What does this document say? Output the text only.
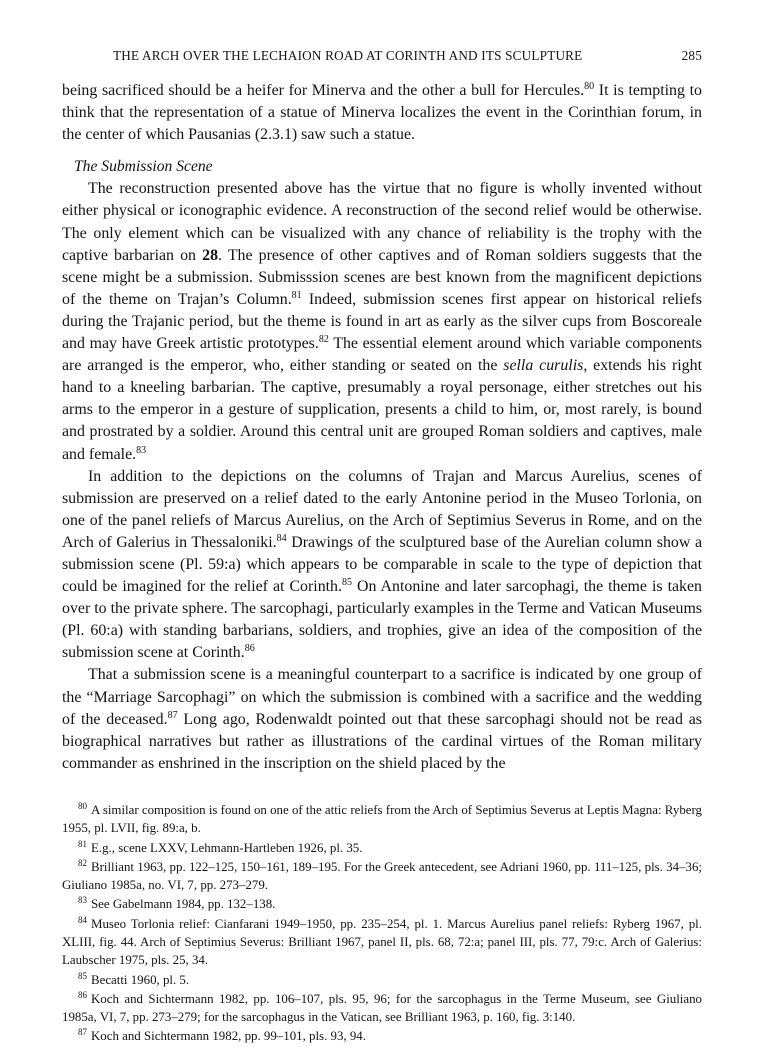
THE ARCH OVER THE LECHAION ROAD AT CORINTH AND ITS SCULPTURE	285

being sacrificed should be a heifer for Minerva and the other a bull for Hercules.$^{80}$ It is tempting to think that the representation of a statue of Minerva localizes the event in the Corinthian forum, in the center of which Pausanias (2.3.1) saw such a statue.

The Submission Scene

The reconstruction presented above has the virtue that no figure is wholly invented without either physical or iconographic evidence. A reconstruction of the second relief would be otherwise. The only element which can be visualized with any chance of reliability is the trophy with the captive barbarian on 28. The presence of other captives and of Roman soldiers suggests that the scene might be a submission. Submisssion scenes are best known from the magnificent depictions of the theme on Trajan’s Column.$^{81}$ Indeed, submission scenes first appear on historical reliefs during the Trajanic period, but the theme is found in art as early as the silver cups from Boscoreale and may have Greek artistic prototypes.$^{82}$ The essential element around which variable components are arranged is the emperor, who, either standing or seated on the sella curulis, extends his right hand to a kneeling barbarian. The captive, presumably a royal personage, either stretches out his arms to the emperor in a gesture of supplication, presents a child to him, or, most rarely, is bound and prostrated by a soldier. Around this central unit are grouped Roman soldiers and captives, male and female.$^{83}$

In addition to the depictions on the columns of Trajan and Marcus Aurelius, scenes of submission are preserved on a relief dated to the early Antonine period in the Museo Torlonia, on one of the panel reliefs of Marcus Aurelius, on the Arch of Septimius Severus in Rome, and on the Arch of Galerius in Thessaloniki.$^{84}$ Drawings of the sculptured base of the Aurelian column show a submission scene (Pl. 59:a) which appears to be comparable in scale to the type of depiction that could be imagined for the relief at Corinth.$^{85}$ On Antonine and later sarcophagi, the theme is taken over to the private sphere. The sarcophagi, particularly examples in the Terme and Vatican Museums (Pl. 60:a) with standing barbarians, soldiers, and trophies, give an idea of the composition of the submission scene at Corinth.$^{86}$

That a submission scene is a meaningful counterpart to a sacrifice is indicated by one group of the “Marriage Sarcophagi” on which the submission is combined with a sacrifice and the wedding of the deceased.$^{87}$ Long ago, Rodenwaldt pointed out that these sarcophagi should not be read as biographical narratives but rather as illustrations of the cardinal virtues of the Roman military commander as enshrined in the inscription on the shield placed by the

$^{80}$ A similar composition is found on one of the attic reliefs from the Arch of Septimius Severus at Leptis Magna: Ryberg 1955, pl. LVII, fig. 89:a, b.

$^{81}$ E.g., scene LXXV, Lehmann-Hartleben 1926, pl. 35.

$^{82}$ Brilliant 1963, pp. 122–125, 150–161, 189–195. For the Greek antecedent, see Adriani 1960, pp. 111–125, pls. 34–36; Giuliano 1985a, no. VI, 7, pp. 273–279.

$^{83}$ See Gabelmann 1984, pp. 132–138.

$^{84}$ Museo Torlonia relief: Cianfarani 1949–1950, pp. 235–254, pl. 1. Marcus Aurelius panel reliefs: Ryberg 1967, pl. XLIII, fig. 44. Arch of Septimius Severus: Brilliant 1967, panel II, pls. 68, 72:a; panel III, pls. 77, 79:c. Arch of Galerius: Laubscher 1975, pls. 25, 34.

$^{85}$ Becatti 1960, pl. 5.

$^{86}$ Koch and Sichtermann 1982, pp. 106–107, pls. 95, 96; for the sarcophagus in the Terme Museum, see Giuliano 1985a, VI, 7, pp. 273–279; for the sarcophagus in the Vatican, see Brilliant 1963, p. 160, fig. 3:140.

$^{87}$ Koch and Sichtermann 1982, pp. 99–101, pls. 93, 94.
